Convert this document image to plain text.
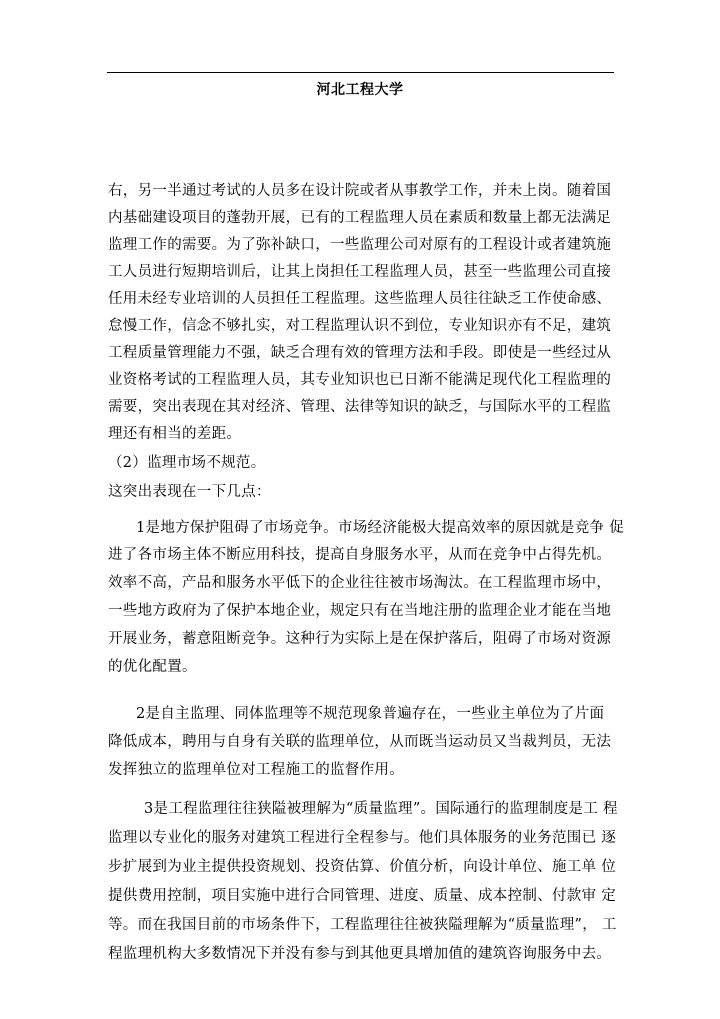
河北工程大学
右，另一半通过考试的人员多在设计院或者从事教学工作，并未上岗。随着国
内基础建设项目的蓬勃开展，已有的工程监理人员在素质和数量上都无法满足
监理工作的需要。为了弥补缺口，一些监理公司对原有的工程设计或者建筑施
工人员进行短期培训后，让其上岗担任工程监理人员，甚至一些监理公司直接
任用未经专业培训的人员担任工程监理。这些监理人员往往缺乏工作使命感、
怠慢工作，信念不够扎实，对工程监理认识不到位，专业知识亦有不足，建筑
工程质量管理能力不强，缺乏合理有效的管理方法和手段。即使是一些经过从
业资格考试的工程监理人员，其专业知识也已日渐不能满足现代化工程监理的
需要，突出表现在其对经济、管理、法律等知识的缺乏，与国际水平的工程监
理还有相当的差距。
（2）监理市场不规范。
这突出表现在一下几点：
1是地方保护阻碍了市场竞争。市场经济能极大提高效率的原因就是竞争 促
进了各市场主体不断应用科技，提高自身服务水平，从而在竞争中占得先机。
效率不高，产品和服务水平低下的企业往往被市场淘汰。在工程监理市场中，
一些地方政府为了保护本地企业，规定只有在当地注册的监理企业才能在当地
开展业务，蓄意阻断竞争。这种行为实际上是在保护落后，阻碍了市场对资源
的优化配置。
2是自主监理、同体监理等不规范现象普遍存在，一些业主单位为了片面
降低成本，聘用与自身有关联的监理单位，从而既当运动员又当裁判员，无法
发挥独立的监理单位对工程施工的监督作用。
3是工程监理往往狭隘被理解为“质量监理”。国际通行的监理制度是工 程
监理以专业化的服务对建筑工程进行全程参与。他们具体服务的业务范围已 逐
步扩展到为业主提供投资规划、投资估算、价值分析，向设计单位、施工单 位
提供费用控制，项目实施中进行合同管理、进度、质量、成本控制、付款审 定
等。而在我国目前的市场条件下，工程监理往往被狭隘理解为“质量监理”， 工
程监理机构大多数情况下并没有参与到其他更具增加值的建筑咨询服务中去。
